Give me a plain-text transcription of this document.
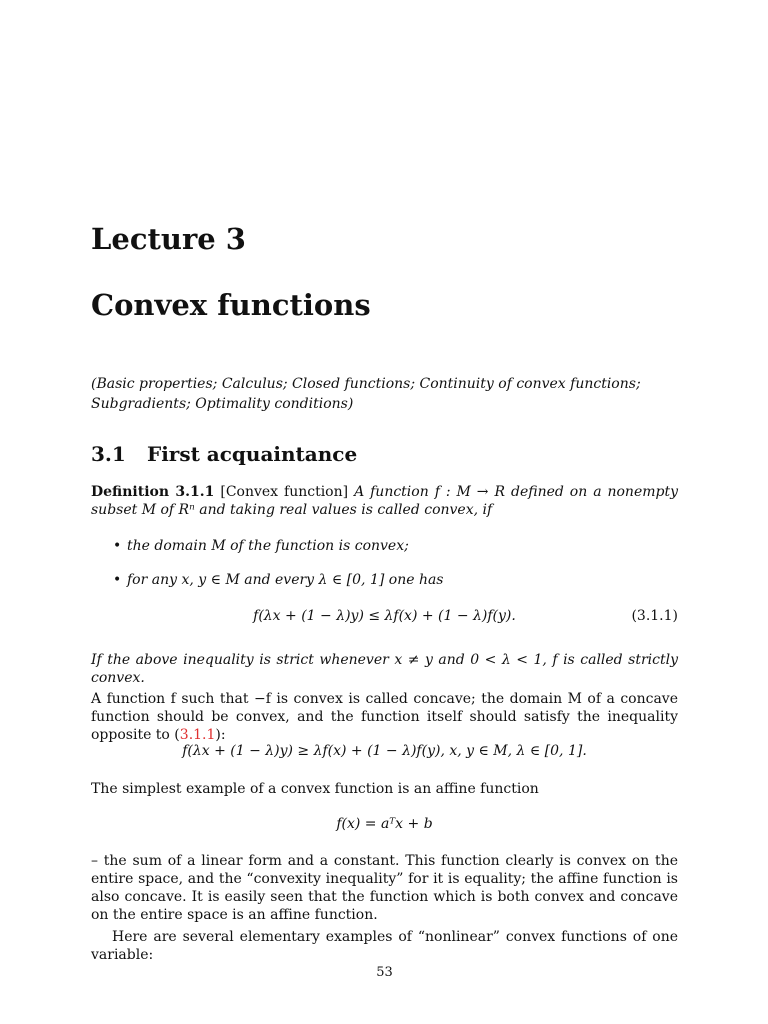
Lecture 3
Convex functions
(Basic properties; Calculus; Closed functions; Continuity of convex functions; Subgradients; Optimality conditions)
3.1 First acquaintance
Definition 3.1.1 [Convex function] A function f : M → R defined on a nonempty subset M of Rⁿ and taking real values is called convex, if
• the domain M of the function is convex;
• for any x, y ∈ M and every λ ∈ [0, 1] one has
f(λx + (1 − λ)y) ≤ λf(x) + (1 − λ)f(y).	(3.1.1)
If the above inequality is strict whenever x ≠ y and 0 < λ < 1, f is called strictly convex.
A function f such that −f is convex is called concave; the domain M of a concave function should be convex, and the function itself should satisfy the inequality opposite to (3.1.1):
f(λx + (1 − λ)y) ≥ λf(x) + (1 − λ)f(y), x, y ∈ M, λ ∈ [0, 1].
The simplest example of a convex function is an affine function
f(x) = aᵀx + b
– the sum of a linear form and a constant. This function clearly is convex on the entire space, and the “convexity inequality” for it is equality; the affine function is also concave. It is easily seen that the function which is both convex and concave on the entire space is an affine function.
Here are several elementary examples of “nonlinear” convex functions of one variable:
53
